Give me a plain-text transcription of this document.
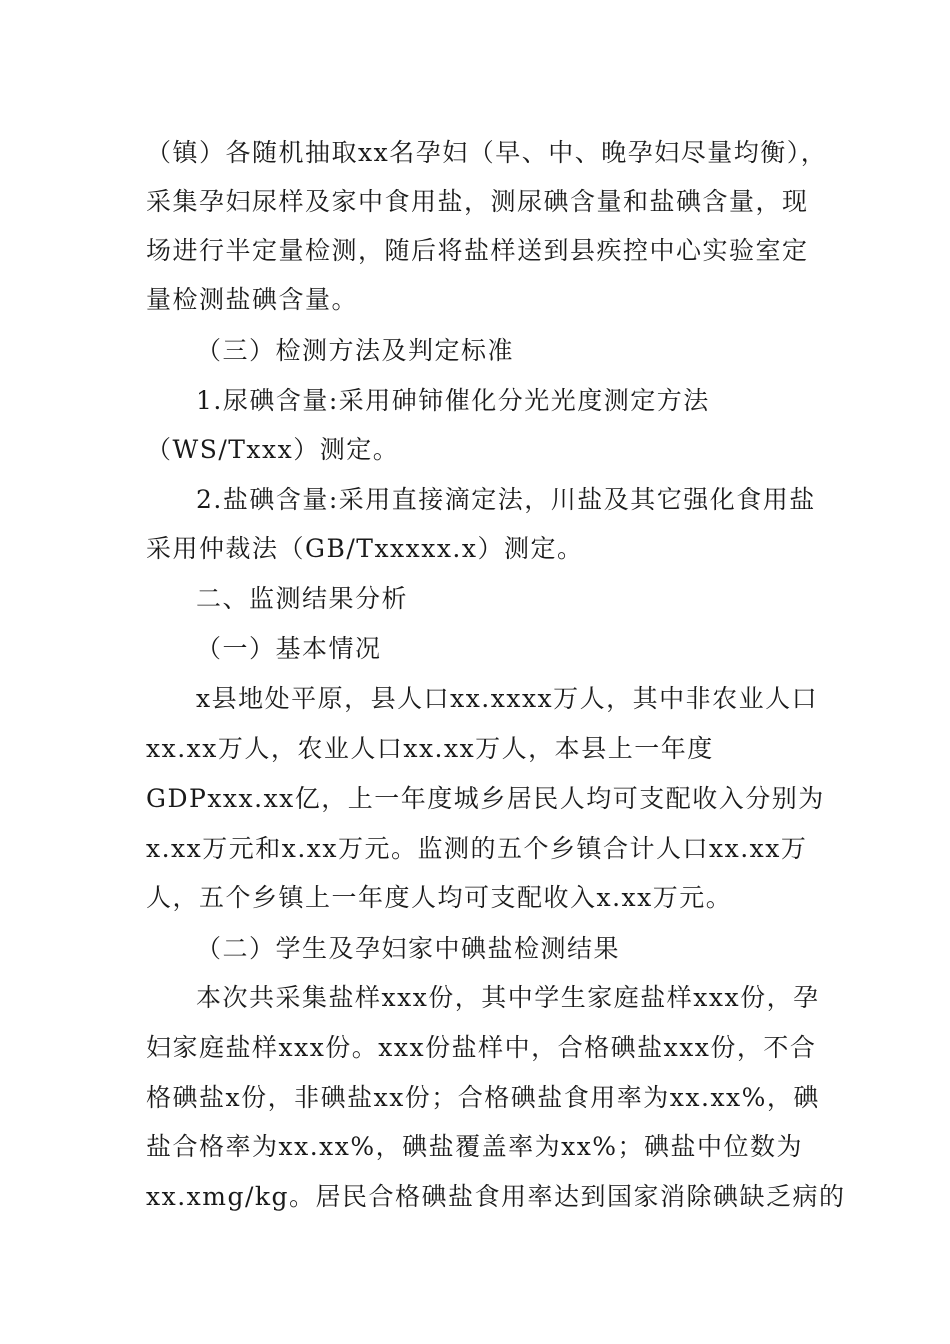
（镇）各随机抽取xx名孕妇（早、中、晚孕妇尽量均衡），
采集孕妇尿样及家中食用盐，测尿碘含量和盐碘含量，现
场进行半定量检测，随后将盐样送到县疾控中心实验室定
量检测盐碘含量。
（三）检测方法及判定标准
1.尿碘含量:采用砷铈催化分光光度测定方法
（WS/Txxx）测定。
2.盐碘含量:采用直接滴定法，川盐及其它强化食用盐
采用仲裁法（GB/Txxxxx.x）测定。
二、监测结果分析
（一）基本情况
x县地处平原，县人口xx.xxxx万人，其中非农业人口
xx.xx万人，农业人口xx.xx万人，本县上一年度
GDPxxx.xx亿，上一年度城乡居民人均可支配收入分别为
x.xx万元和x.xx万元。监测的五个乡镇合计人口xx.xx万
人，五个乡镇上一年度人均可支配收入x.xx万元。
（二）学生及孕妇家中碘盐检测结果
本次共采集盐样xxx份，其中学生家庭盐样xxx份，孕
妇家庭盐样xxx份。xxx份盐样中，合格碘盐xxx份，不合
格碘盐x份，非碘盐xx份；合格碘盐食用率为xx.xx%，碘
盐合格率为xx.xx%，碘盐覆盖率为xx%；碘盐中位数为
xx.xmg/kg。居民合格碘盐食用率达到国家消除碘缺乏病的
